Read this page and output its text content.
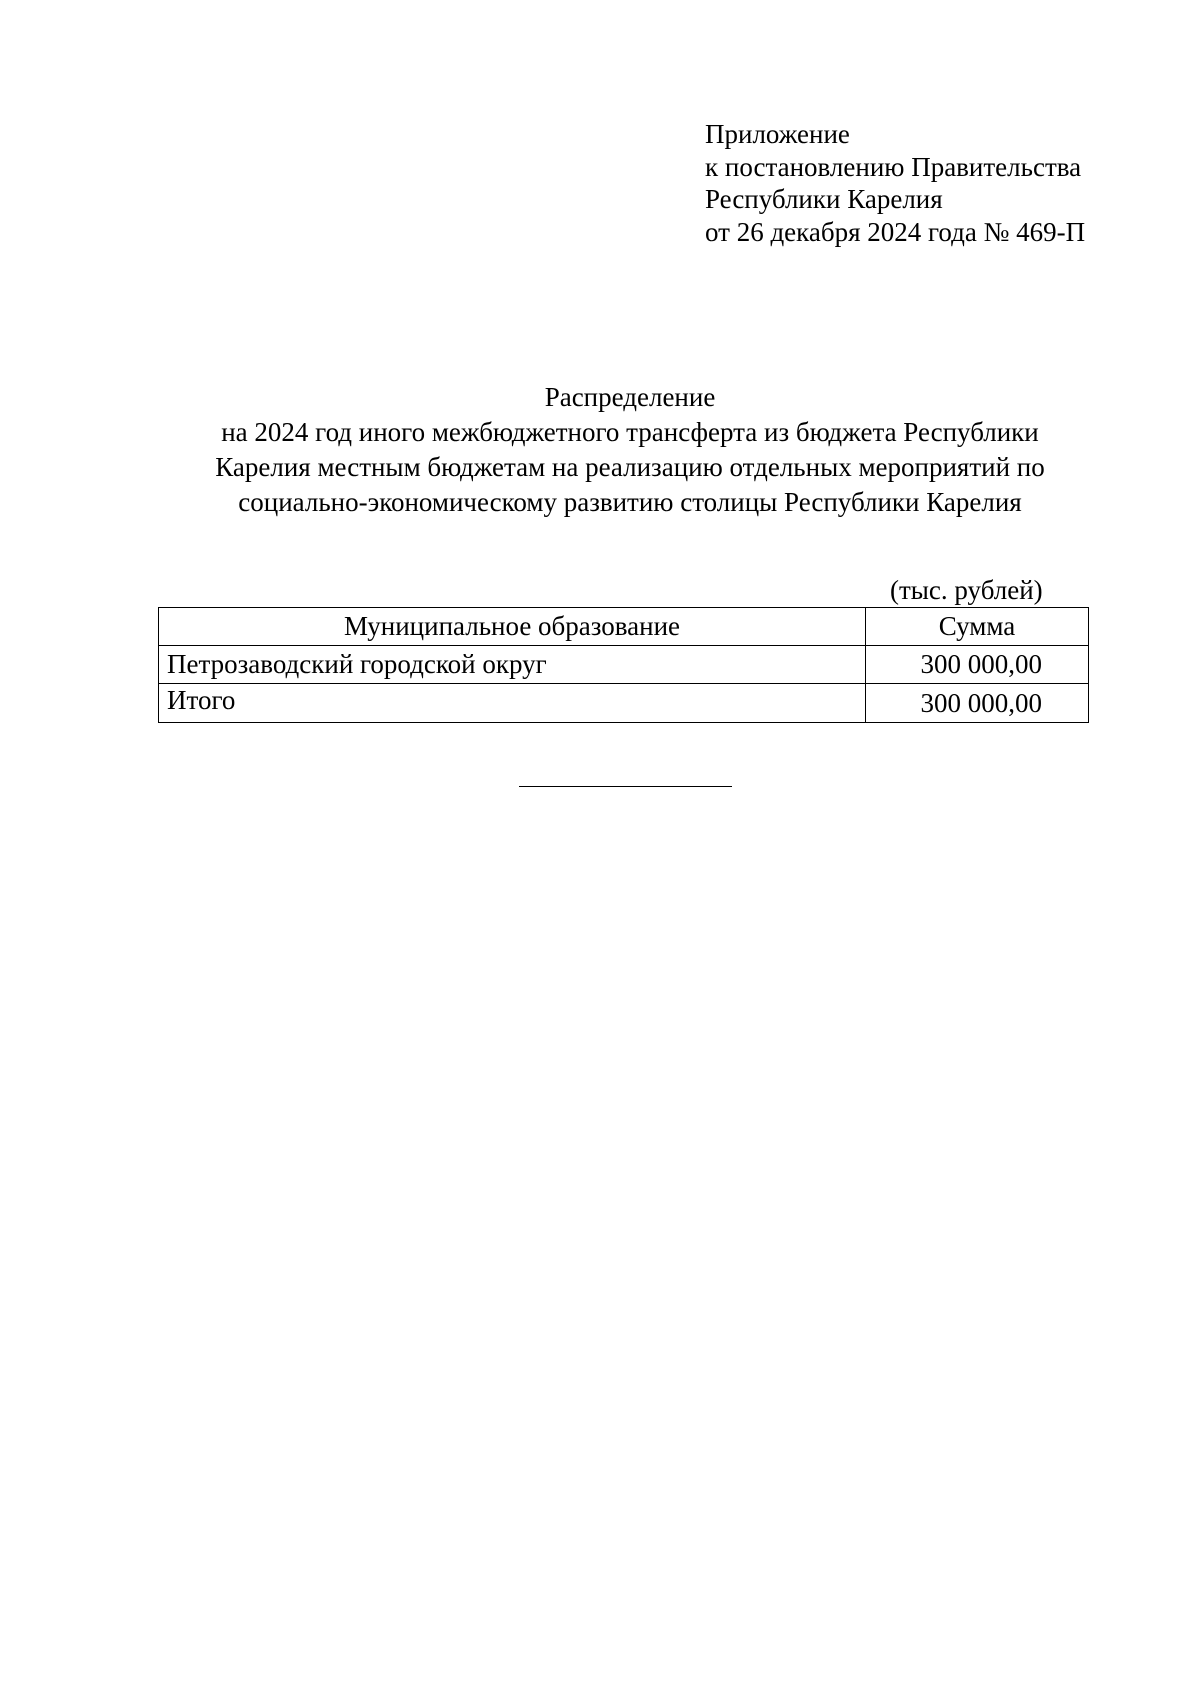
Приложение
к постановлению Правительства
Республики Карелия
от 26 декабря 2024 года № 469-П
Распределение
на 2024 год иного межбюджетного трансферта из бюджета Республики
Карелия местным бюджетам на реализацию отдельных мероприятий по
социально-экономическому развитию столицы Республики Карелия
(тыс. рублей)
Муниципальное образование	Сумма
Петрозаводский городской округ	300 000,00
Итого	300 000,00
